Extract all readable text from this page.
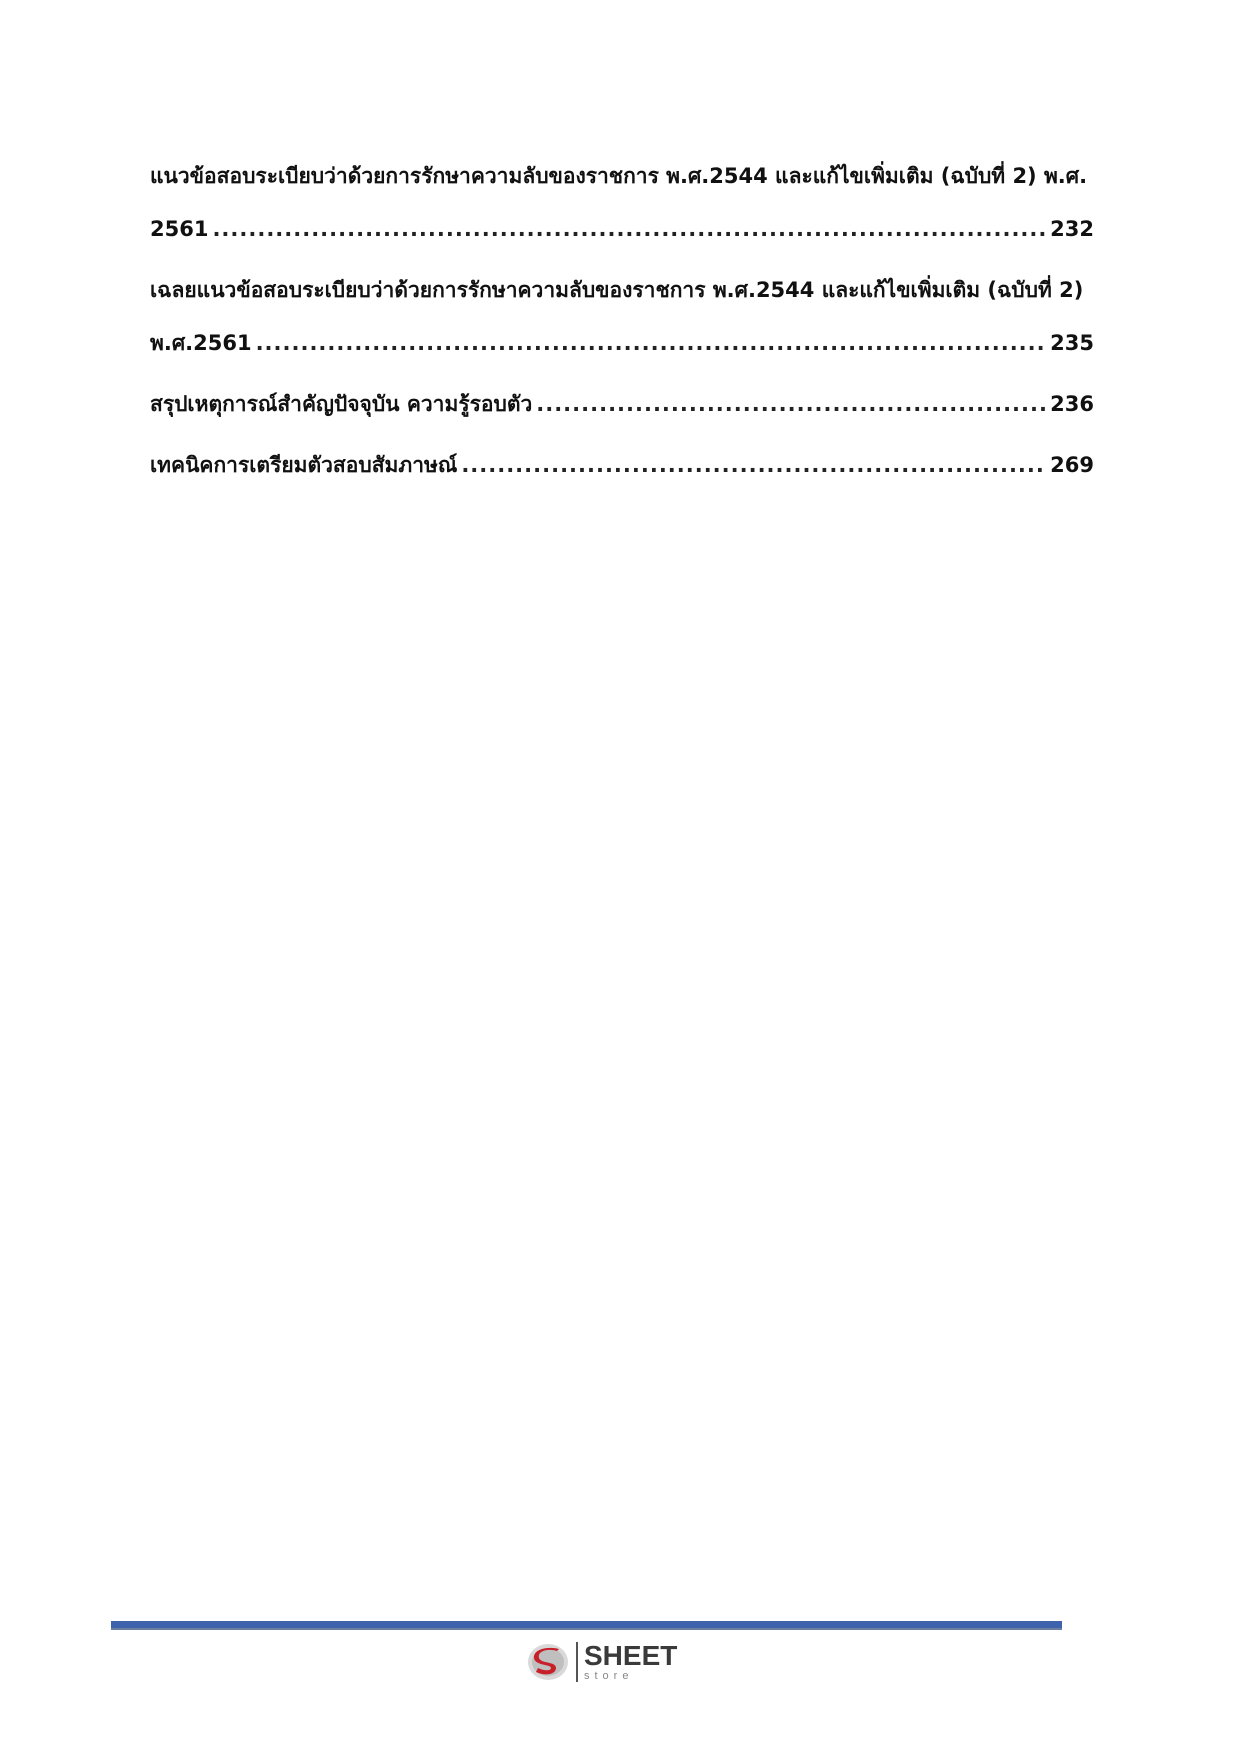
แนวข้อสอบระเบียบว่าด้วยการรักษาความลับของราชการ พ.ศ.2544 และแก้ไขเพิ่มเติม (ฉบับที่ 2) พ.ศ.
2561 .....	232
เฉลยแนวข้อสอบระเบียบว่าด้วยการรักษาความลับของราชการ พ.ศ.2544 และแก้ไขเพิ่มเติม (ฉบับที่ 2)
พ.ศ.2561 .....	235
สรุปเหตุการณ์สำคัญปัจจุบัน ความรู้รอบตัว .....	236
เทคนิคการเตรียมตัวสอบสัมภาษณ์ .....	269
SHEET
store
